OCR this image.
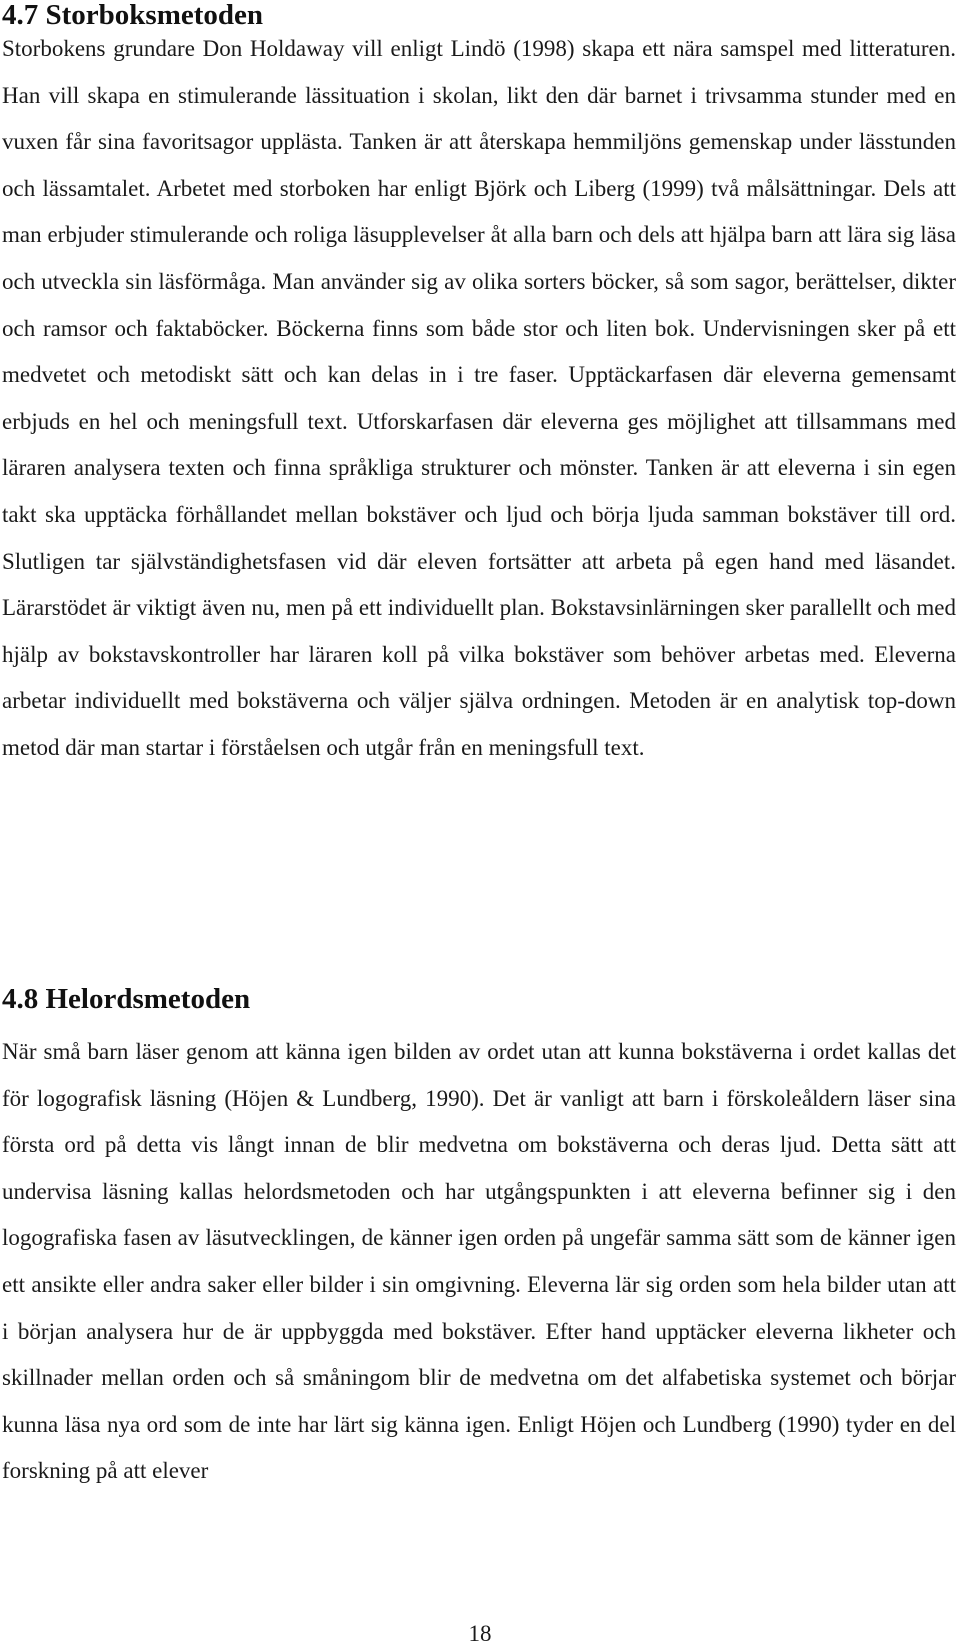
4.7 Storboksmetoden

Storbokens grundare Don Holdaway vill enligt Lindö (1998) skapa ett nära samspel med litteraturen. Han vill skapa en stimulerande lässituation i skolan, likt den där barnet i trivsamma stunder med en vuxen får sina favoritsagor upplästa. Tanken är att återskapa hemmiljöns gemenskap under lässtunden och lässamtalet. Arbetet med storboken har enligt Björk och Liberg (1999) två målsättningar. Dels att man erbjuder stimulerande och roliga läsupplevelser åt alla barn och dels att hjälpa barn att lära sig läsa och utveckla sin läsförmåga. Man använder sig av olika sorters böcker, så som sagor, berättelser, dikter och ramsor och faktaböcker. Böckerna finns som både stor och liten bok. Undervisningen sker på ett medvetet och metodiskt sätt och kan delas in i tre faser. Upptäckarfasen där eleverna gemensamt erbjuds en hel och meningsfull text. Utforskarfasen där eleverna ges möjlighet att tillsammans med läraren analysera texten och finna språkliga strukturer och mönster. Tanken är att eleverna i sin egen takt ska upptäcka förhållandet mellan bokstäver och ljud och börja ljuda samman bokstäver till ord. Slutligen tar självständighetsfasen vid där eleven fortsätter att arbeta på egen hand med läsandet. Lärarstödet är viktigt även nu, men på ett individuellt plan. Bokstavsinlärningen sker parallellt och med hjälp av bokstavskontroller har läraren koll på vilka bokstäver som behöver arbetas med. Eleverna arbetar individuellt med bokstäverna och väljer själva ordningen. Metoden är en analytisk top-down metod där man startar i förståelsen och utgår från en meningsfull text.

4.8 Helordsmetoden

När små barn läser genom att känna igen bilden av ordet utan att kunna bokstäverna i ordet kallas det för logografisk läsning (Höjen & Lundberg, 1990). Det är vanligt att barn i förskoleåldern läser sina första ord på detta vis långt innan de blir medvetna om bokstäverna och deras ljud. Detta sätt att undervisa läsning kallas helordsmetoden och har utgångspunkten i att eleverna befinner sig i den logografiska fasen av läsutvecklingen, de känner igen orden på ungefär samma sätt som de känner igen ett ansikte eller andra saker eller bilder i sin omgivning. Eleverna lär sig orden som hela bilder utan att i början analysera hur de är uppbyggda med bokstäver. Efter hand upptäcker eleverna likheter och skillnader mellan orden och så småningom blir de medvetna om det alfabetiska systemet och börjar kunna läsa nya ord som de inte har lärt sig känna igen. Enligt Höjen och Lundberg (1990) tyder en del forskning på att elever

18
